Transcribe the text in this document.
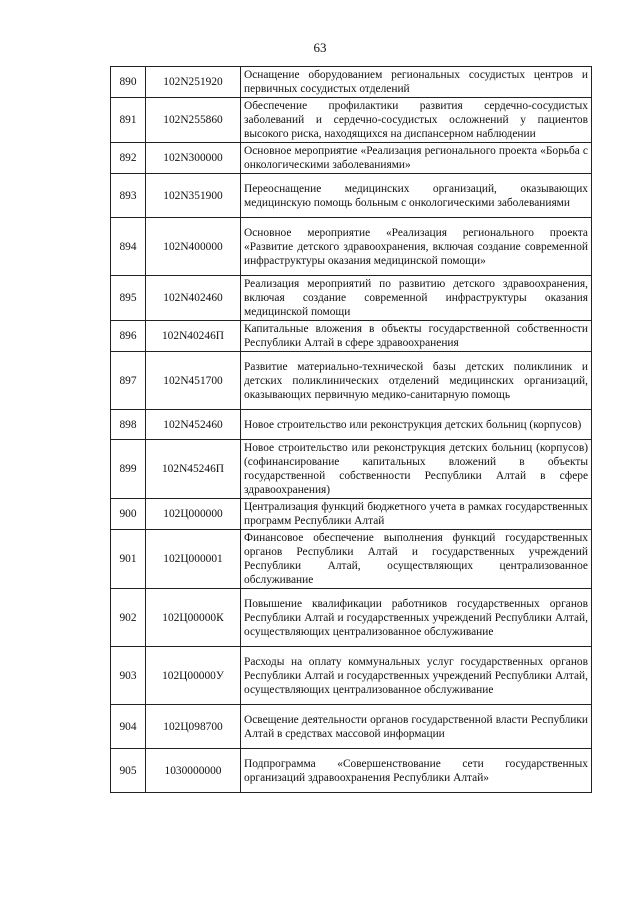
63
890	102N251920	Оснащение оборудованием региональных сосудистых центров и первичных сосудистых отделений
891	102N255860	Обеспечение профилактики развития сердечно-сосудистых заболеваний и сердечно-сосудистых осложнений у пациентов высокого риска, находящихся на диспансерном наблюдении
892	102N300000	Основное мероприятие «Реализация регионального проекта «Борьба с онкологическими заболеваниями»
893	102N351900	Переоснащение медицинских организаций, оказывающих медицинскую помощь больным с онкологическими заболеваниями
894	102N400000	Основное мероприятие «Реализация регионального проекта «Развитие детского здравоохранения, включая создание современной инфраструктуры оказания медицинской помощи»
895	102N402460	Реализация мероприятий по развитию детского здравоохранения, включая создание современной инфраструктуры оказания медицинской помощи
896	102N40246П	Капитальные вложения в объекты государственной собственности Республики Алтай в сфере здравоохранения
897	102N451700	Развитие материально-технической базы детских поликлиник и детских поликлинических отделений медицинских организаций, оказывающих первичную медико-санитарную помощь
898	102N452460	Новое строительство или реконструкция детских больниц (корпусов)
899	102N45246П	Новое строительство или реконструкция детских больниц (корпусов) (софинансирование капитальных вложений в объекты государственной собственности Республики Алтай в сфере здравоохранения)
900	102Ц000000	Централизация функций бюджетного учета в рамках государственных программ Республики Алтай
901	102Ц000001	Финансовое обеспечение выполнения функций государственных органов Республики Алтай и государственных учреждений Республики Алтай, осуществляющих централизованное обслуживание
902	102Ц00000К	Повышение квалификации работников государственных органов Республики Алтай и государственных учреждений Республики Алтай, осуществляющих централизованное обслуживание
903	102Ц00000У	Расходы на оплату коммунальных услуг государственных органов Республики Алтай и государственных учреждений Республики Алтай, осуществляющих централизованное обслуживание
904	102Ц098700	Освещение деятельности органов государственной власти Республики Алтай в средствах массовой информации
905	1030000000	Подпрограмма «Совершенствование сети государственных организаций здравоохранения Республики Алтай»
